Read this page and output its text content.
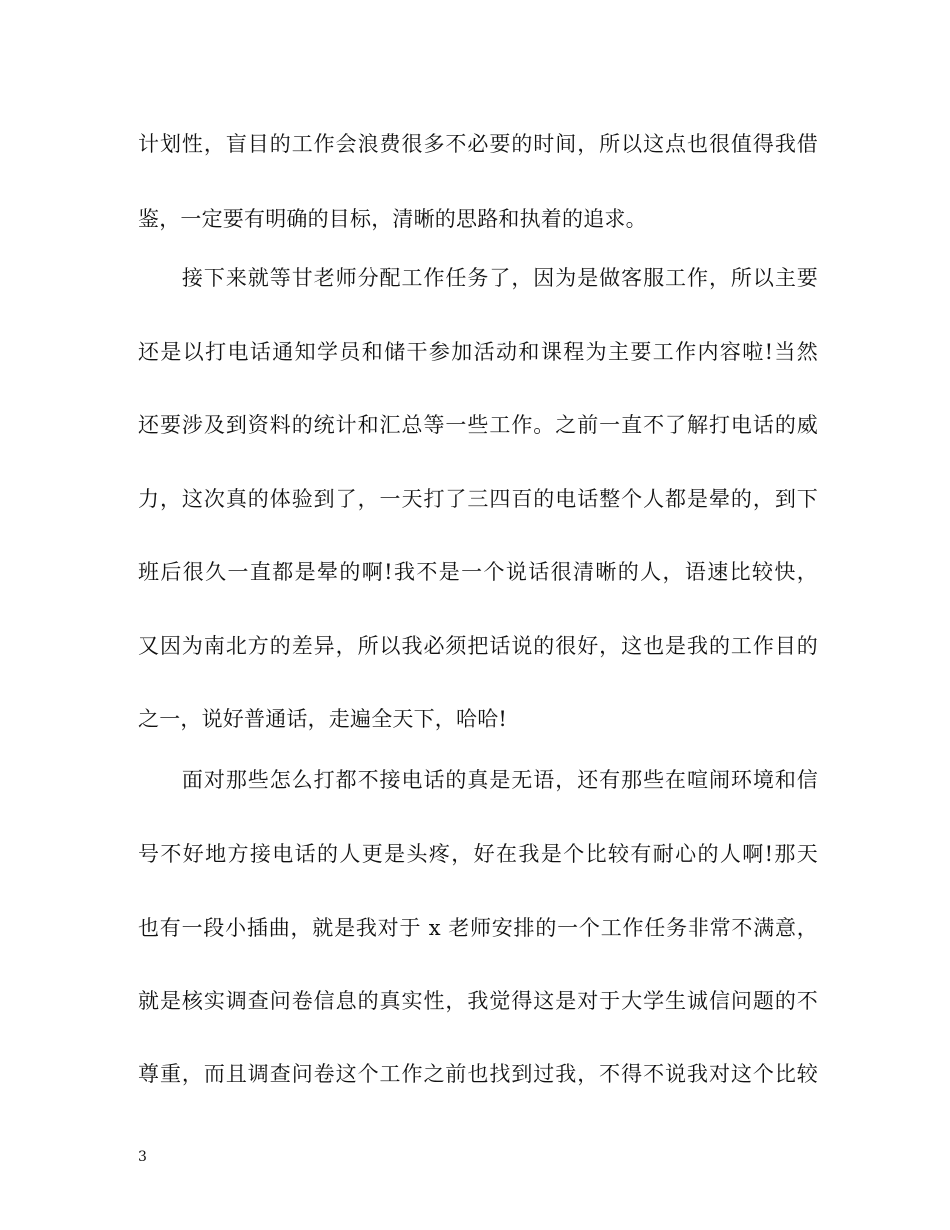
计划性，盲目的工作会浪费很多不必要的时间，所以这点也很值得我借
鉴，一定要有明确的目标，清晰的思路和执着的追求。
　　接下来就等甘老师分配工作任务了，因为是做客服工作，所以主要
还是以打电话通知学员和储干参加活动和课程为主要工作内容啦!当然
还要涉及到资料的统计和汇总等一些工作。之前一直不了解打电话的威
力，这次真的体验到了，一天打了三四百的电话整个人都是晕的，到下
班后很久一直都是晕的啊!我不是一个说话很清晰的人，语速比较快，
又因为南北方的差异，所以我必须把话说的很好，这也是我的工作目的
之一，说好普通话，走遍全天下，哈哈!
　　面对那些怎么打都不接电话的真是无语，还有那些在喧闹环境和信
号不好地方接电话的人更是头疼，好在我是个比较有耐心的人啊!那天
也有一段小插曲，就是我对于 x 老师安排的一个工作任务非常不满意，
就是核实调查问卷信息的真实性，我觉得这是对于大学生诚信问题的不
尊重，而且调查问卷这个工作之前也找到过我，不得不说我对这个比较
3
